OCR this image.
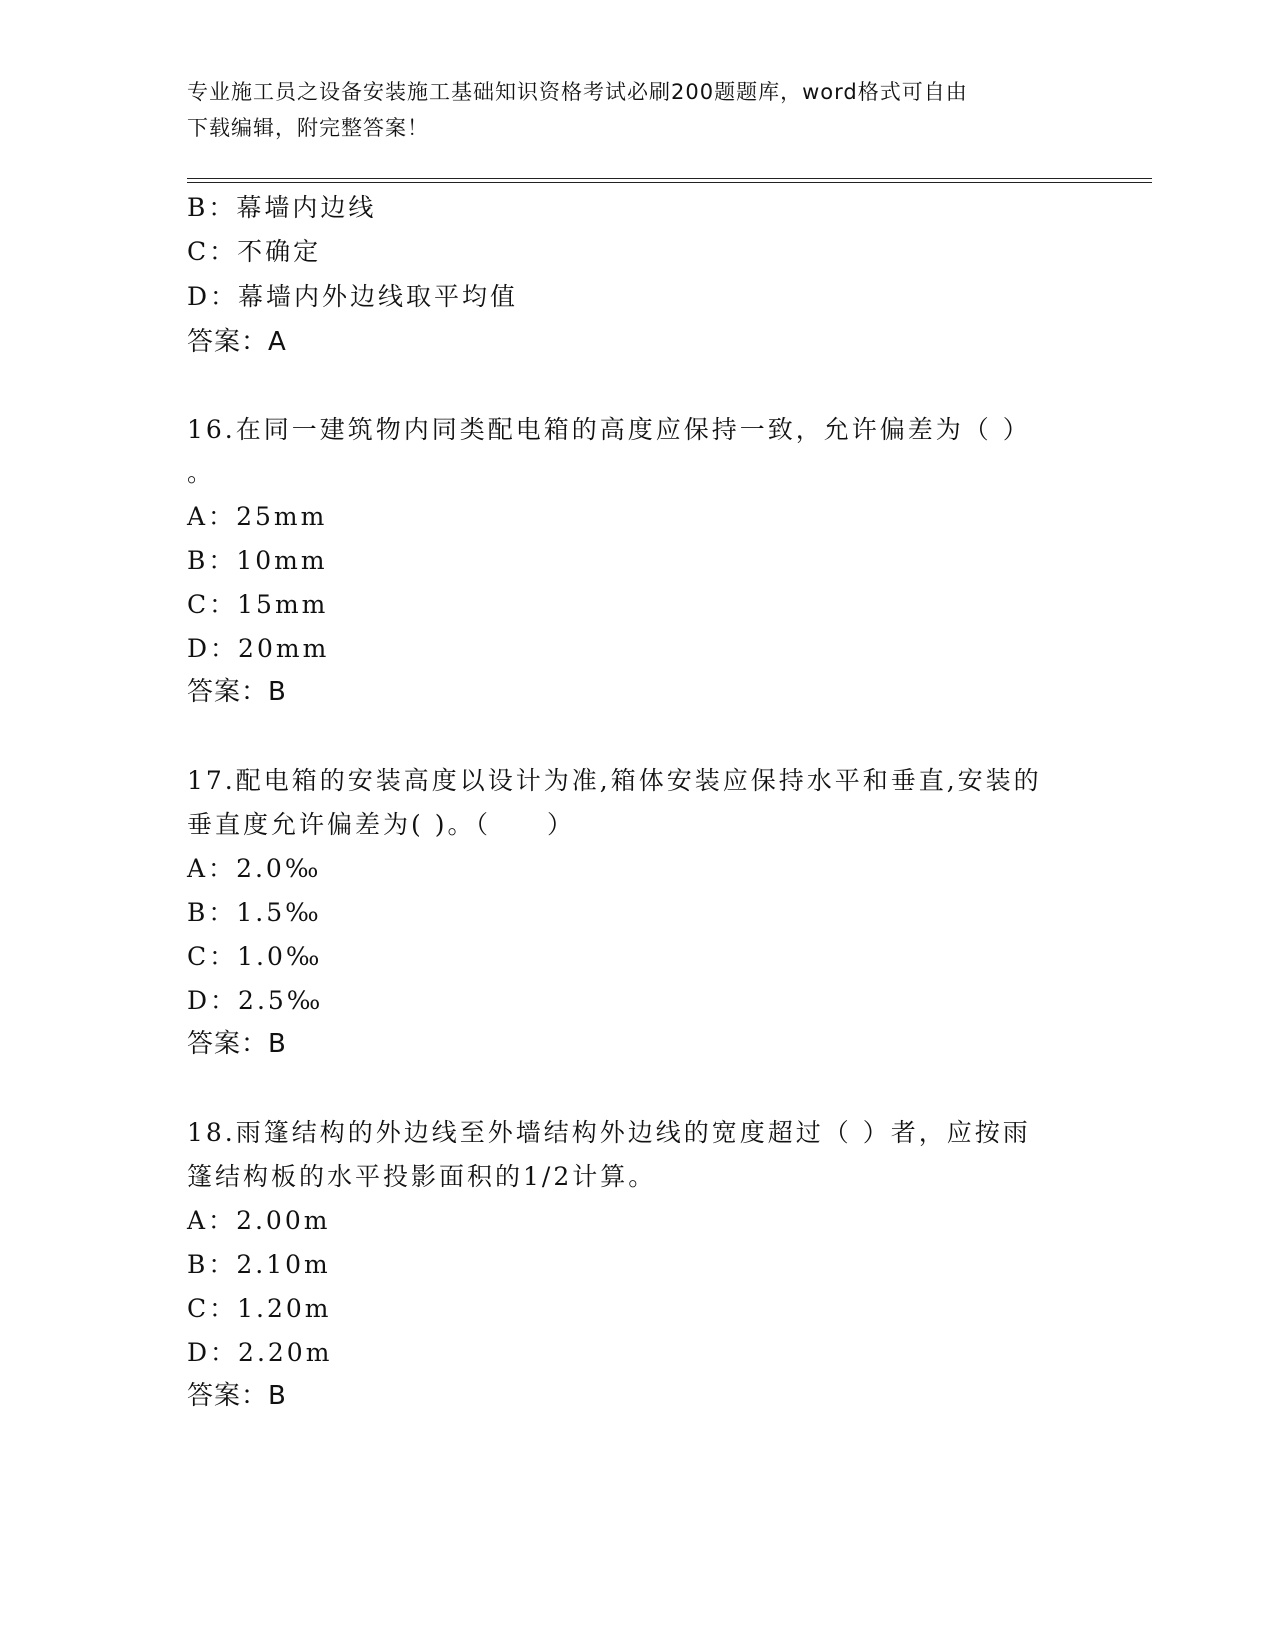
专业施工员之设备安装施工基础知识资格考试必刷200题题库，word格式可自由
下载编辑，附完整答案！
B：幕墙内边线
C：不确定
D：幕墙内外边线取平均值
答案：A
16.在同一建筑物内同类配电箱的高度应保持一致，允许偏差为（ ）
。
A：25mm
B：10mm
C：15mm
D：20mm
答案：B
17.配电箱的安装高度以设计为准,箱体安装应保持水平和垂直,安装的
垂直度允许偏差为( )。（　　）
A：2.0‰
B：1.5‰
C：1.0‰
D：2.5‰
答案：B
18.雨篷结构的外边线至外墙结构外边线的宽度超过（ ）者，应按雨
篷结构板的水平投影面积的1/2计算。
A：2.00m
B：2.10m
C：1.20m
D：2.20m
答案：B
